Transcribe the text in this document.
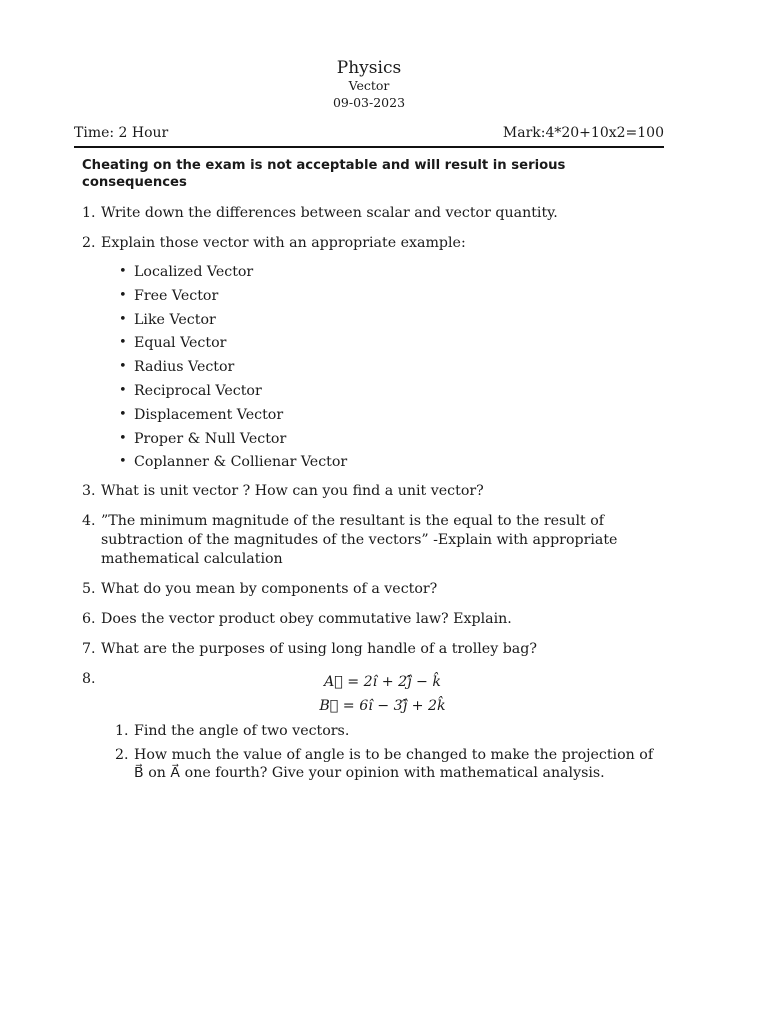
Physics
Vector
09-03-2023
Time: 2 Hour	Mark:4*20+10x2=100
Cheating on the exam is not acceptable and will result in serious consequences
1. Write down the differences between scalar and vector quantity.
2. Explain those vector with an appropriate example:
• Localized Vector
• Free Vector
• Like Vector
• Equal Vector
• Radius Vector
• Reciprocal Vector
• Displacement Vector
• Proper & Null Vector
• Coplanner & Collienar Vector
3. What is unit vector ? How can you find a unit vector?
4. ”The minimum magnitude of the resultant is the equal to the result of subtraction of the magnitudes of the vectors” -Explain with appropriate mathematical calculation
5. What do you mean by components of a vector?
6. Does the vector product obey commutative law? Explain.
7. What are the purposes of using long handle of a trolley bag?
8.	A⃗ = 2î + 2ĵ̂ − k̂
B⃗ = 6î − 3ĵ̂ + 2k̂
1. Find the angle of two vectors.
2. How much the value of angle is to be changed to make the projection of B⃗ on A⃗ one fourth? Give your opinion with mathematical analysis.
